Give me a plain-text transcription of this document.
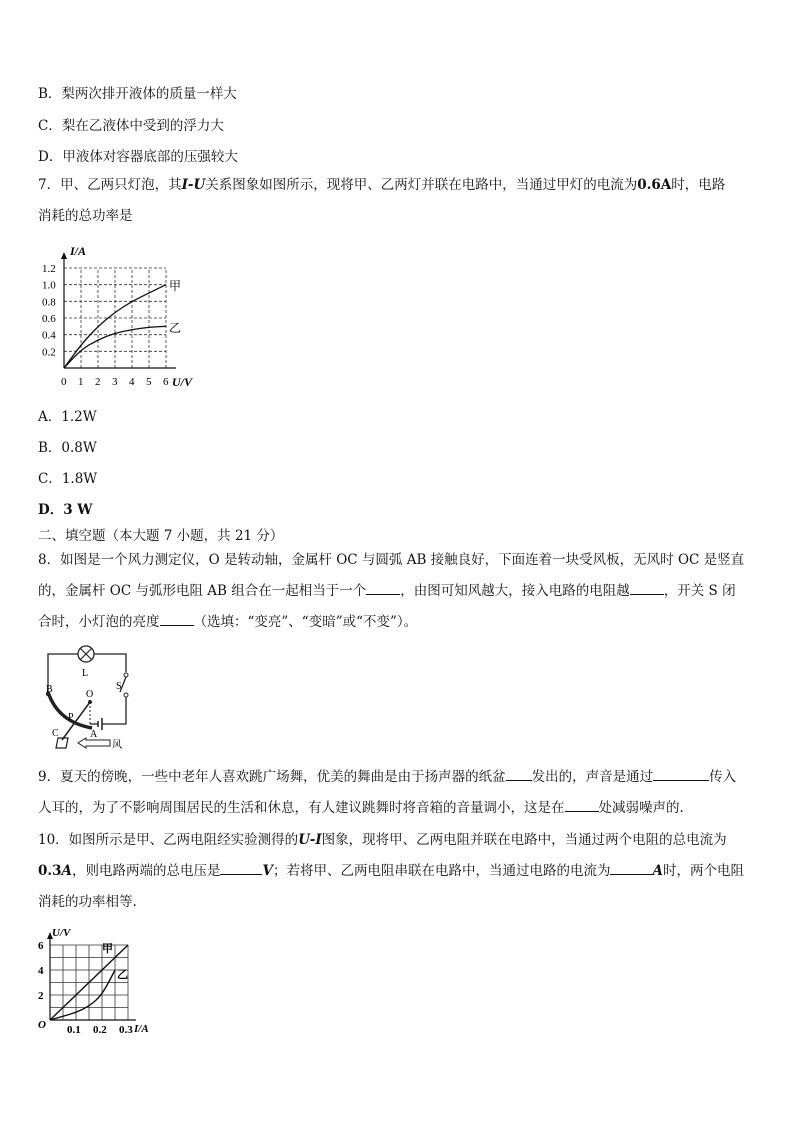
B．梨两次排开液体的质量一样大
C．梨在乙液体中受到的浮力大
D．甲液体对容器底部的压强较大
7．甲、乙两只灯泡，其I-U关系图象如图所示，现将甲、乙两灯并联在电路中，当通过甲灯的电流为0.6A时，电路
消耗的总功率是
0.2
0.4
0.6
0.8
1.0
1.2
0 1 2 3 4 5 6
I/A
U/V
甲
乙
A．1.2W
B．0.8W
C．1.8W
D．3 W
二、填空题（本大题 7 小题，共 21 分）
8．如图是一个风力测定仪，O 是转动轴，金属杆 OC 与圆弧 AB 接触良好，下面连着一块受风板，无风时 OC 是竖直
的，金属杆 OC 与弧形电阻 AB 组合在一起相当于一个	，由图可知风越大，接入电路的电阻越	，开关 S 闭
合时，小灯泡的亮度	（选填：“变亮”、“变暗”或“不变”）。
L
S
B	O
P
A
C
风
9．夏天的傍晚，一些中老年人喜欢跳广场舞，优美的舞曲是由于扬声器的纸盆 发出的，声音是通过	传入
人耳的，为了不影响周围居民的生活和休息，有人建议跳舞时将音箱的音量调小，这是在	处减弱噪声的.
10．如图所示是甲、乙两电阻经实验测得的U-I图象，现将甲、乙两电阻并联在电路中，当通过两个电阻的总电流为
0.3A，则电路两端的总电压是	V；若将甲、乙两电阻串联在电路中，当通过电路的电流为	A时，两个电阻
消耗的功率相等.
2
4
6
0.1 0.2 0.3
U/V
I/A
O
甲
乙
